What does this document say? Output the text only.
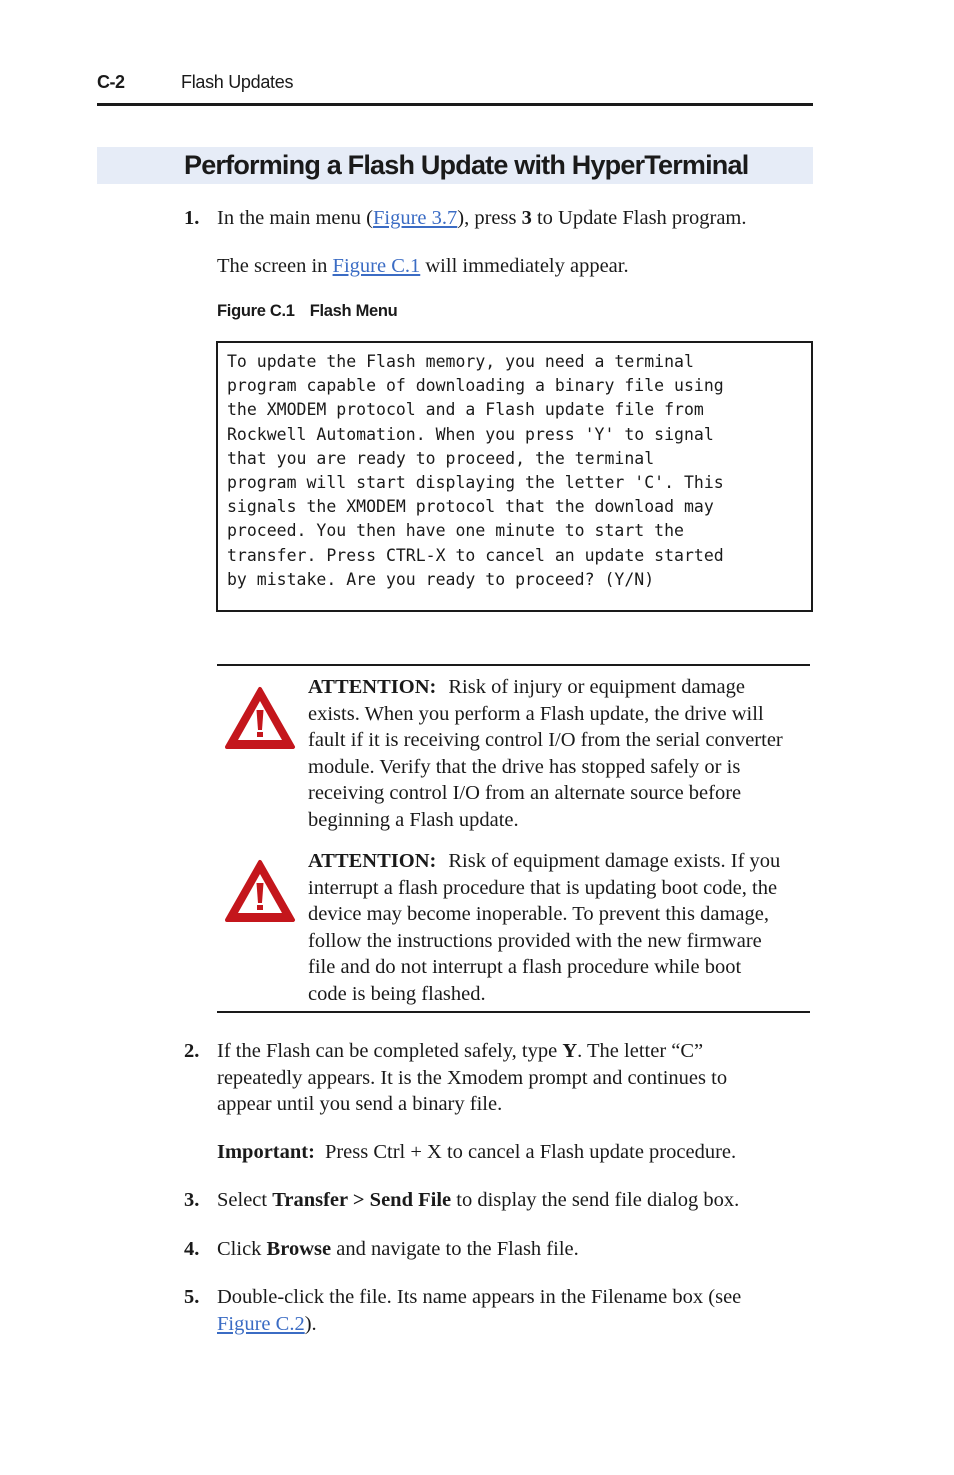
C-2	Flash Updates
Performing a Flash Update with HyperTerminal
1. In the main menu (Figure 3.7), press 3 to Update Flash program.
The screen in Figure C.1 will immediately appear.
Figure C.1 Flash Menu
To update the Flash memory, you need a terminal
program capable of downloading a binary file using
the XMODEM protocol and a Flash update file from
Rockwell Automation. When you press 'Y' to signal
that you are ready to proceed, the terminal
program will start displaying the letter 'C'. This
signals the XMODEM protocol that the download may
proceed. You then have one minute to start the
transfer. Press CTRL-X to cancel an update started
by mistake. Are you ready to proceed? (Y/N)
ATTENTION: Risk of injury or equipment damage
exists. When you perform a Flash update, the drive will
fault if it is receiving control I/O from the serial converter
module. Verify that the drive has stopped safely or is
receiving control I/O from an alternate source before
beginning a Flash update.
ATTENTION: Risk of equipment damage exists. If you
interrupt a flash procedure that is updating boot code, the
device may become inoperable. To prevent this damage,
follow the instructions provided with the new firmware
file and do not interrupt a flash procedure while boot
code is being flashed.
2. If the Flash can be completed safely, type Y. The letter “C”
repeatedly appears. It is the Xmodem prompt and continues to
appear until you send a binary file.
Important: Press Ctrl + X to cancel a Flash update procedure.
3. Select Transfer > Send File to display the send file dialog box.
4. Click Browse and navigate to the Flash file.
5. Double-click the file. Its name appears in the Filename box (see
Figure C.2).
